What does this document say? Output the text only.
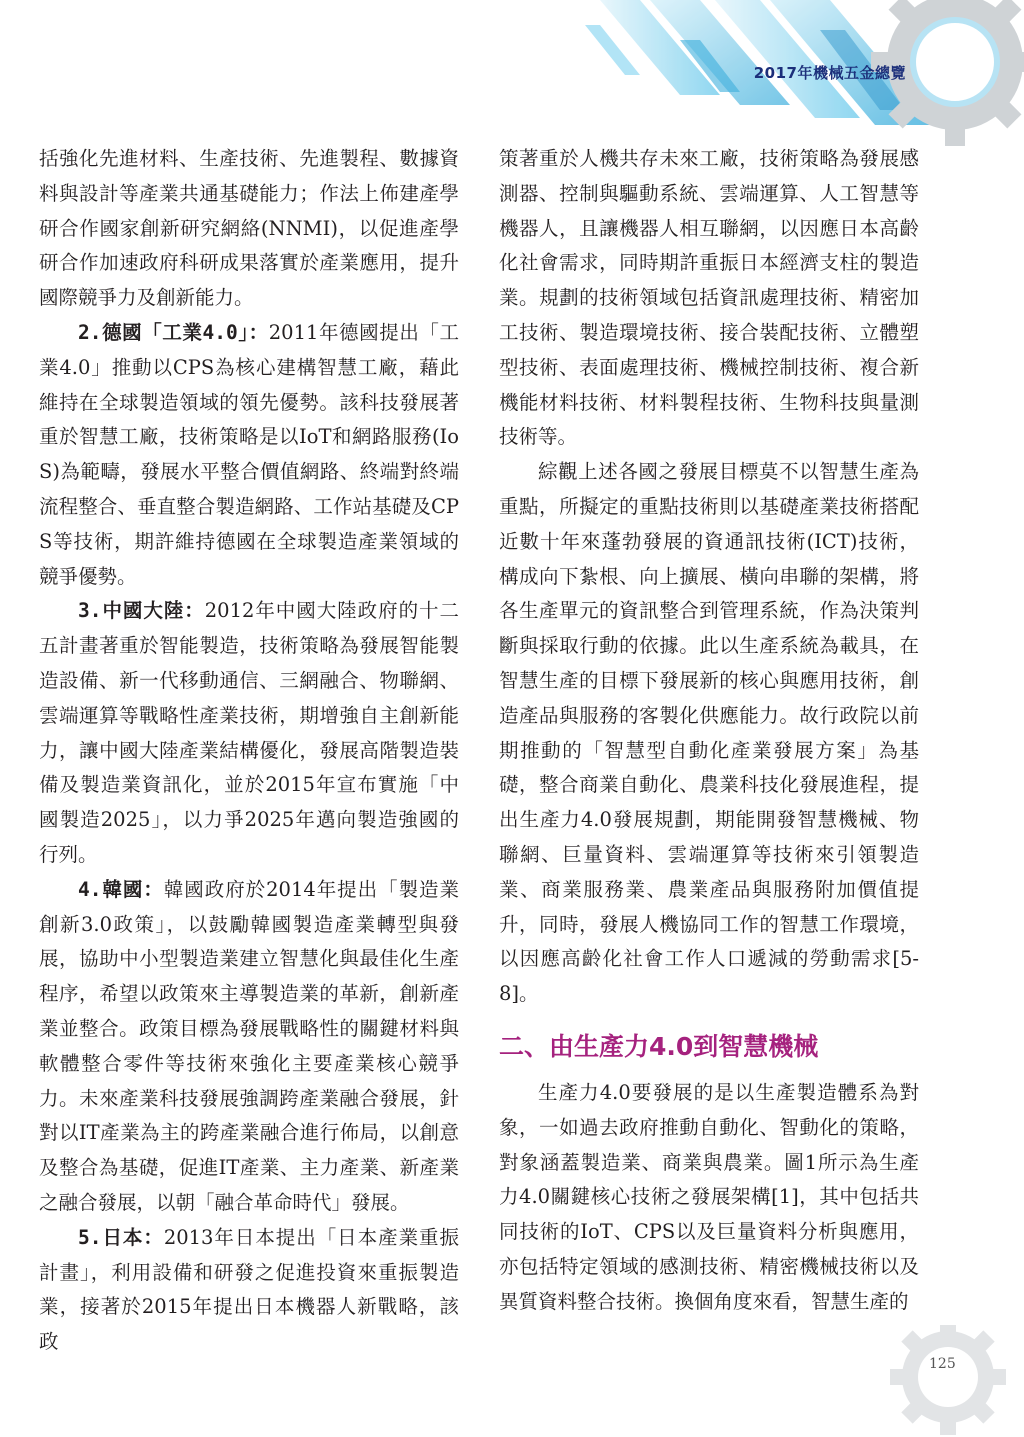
2017年機械五金總覽

括強化先進材料、生產技術、先進製程、數據資料與設計等產業共通基礎能力；作法上佈建產學研合作國家創新研究網絡(NNMI)，以促進產學研合作加速政府科研成果落實於產業應用，提升國際競爭力及創新能力。

2.德國「工業4.0」：2011年德國提出「工業4.0」推動以CPS為核心建構智慧工廠，藉此維持在全球製造領域的領先優勢。該科技發展著重於智慧工廠，技術策略是以IoT和網路服務(IoS)為範疇，發展水平整合價值網路、終端對終端流程整合、垂直整合製造網路、工作站基礎及CPS等技術，期許維持德國在全球製造產業領域的競爭優勢。

3.中國大陸：2012年中國大陸政府的十二五計畫著重於智能製造，技術策略為發展智能製造設備、新一代移動通信、三網融合、物聯網、雲端運算等戰略性產業技術，期增強自主創新能力，讓中國大陸產業結構優化，發展高階製造裝備及製造業資訊化，並於2015年宣布實施「中國製造2025」，以力爭2025年邁向製造強國的行列。

4.韓國：韓國政府於2014年提出「製造業創新3.0政策」，以鼓勵韓國製造產業轉型與發展，協助中小型製造業建立智慧化與最佳化生產程序，希望以政策來主導製造業的革新，創新產業並整合。政策目標為發展戰略性的關鍵材料與軟體整合零件等技術來強化主要產業核心競爭力。未來產業科技發展強調跨產業融合發展，針對以IT產業為主的跨產業融合進行佈局，以創意及整合為基礎，促進IT產業、主力產業、新產業之融合發展，以朝「融合革命時代」發展。

5.日本：2013年日本提出「日本產業重振計畫」，利用設備和研發之促進投資來重振製造業，接著於2015年提出日本機器人新戰略，該政

策著重於人機共存未來工廠，技術策略為發展感測器、控制與驅動系統、雲端運算、人工智慧等機器人，且讓機器人相互聯網，以因應日本高齡化社會需求，同時期許重振日本經濟支柱的製造業。規劃的技術領域包括資訊處理技術、精密加工技術、製造環境技術、接合裝配技術、立體塑型技術、表面處理技術、機械控制技術、複合新機能材料技術、材料製程技術、生物科技與量測技術等。

綜觀上述各國之發展目標莫不以智慧生產為重點，所擬定的重點技術則以基礎產業技術搭配近數十年來蓬勃發展的資通訊技術(ICT)技術，構成向下紮根、向上擴展、橫向串聯的架構，將各生產單元的資訊整合到管理系統，作為決策判斷與採取行動的依據。此以生產系統為載具，在智慧生產的目標下發展新的核心與應用技術，創造產品與服務的客製化供應能力。故行政院以前期推動的「智慧型自動化產業發展方案」為基礎，整合商業自動化、農業科技化發展進程，提出生產力4.0發展規劃，期能開發智慧機械、物聯網、巨量資料、雲端運算等技術來引領製造業、商業服務業、農業產品與服務附加價值提升，同時，發展人機協同工作的智慧工作環境，以因應高齡化社會工作人口遞減的勞動需求[5-8]。

二、由生產力4.0到智慧機械

生產力4.0要發展的是以生產製造體系為對象，一如過去政府推動自動化、智動化的策略，對象涵蓋製造業、商業與農業。圖1所示為生產力4.0關鍵核心技術之發展架構[1]，其中包括共同技術的IoT、CPS以及巨量資料分析與應用，亦包括特定領域的感測技術、精密機械技術以及異質資料整合技術。換個角度來看，智慧生產的

125
